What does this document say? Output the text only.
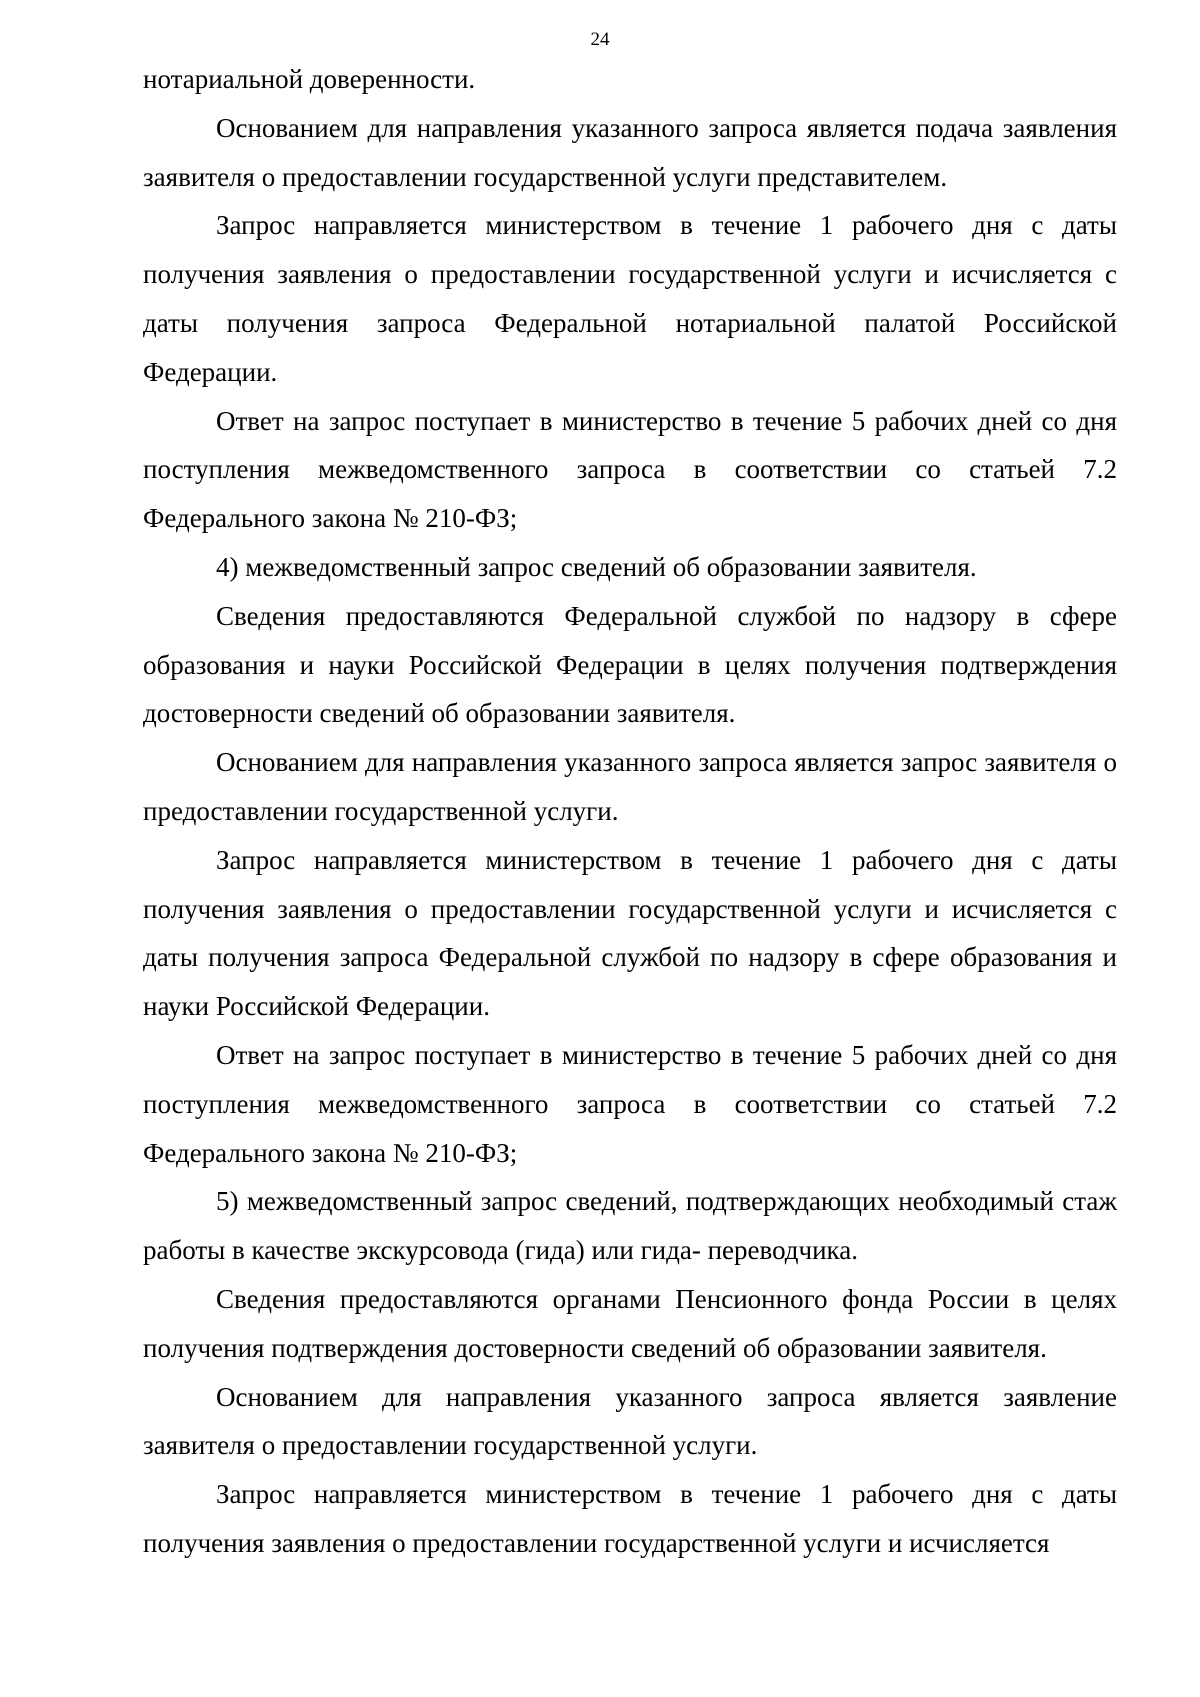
24

нотариальной доверенности.

Основанием для направления указанного запроса является подача заявления заявителя о предоставлении государственной услуги представителем.

Запрос направляется министерством в течение 1 рабочего дня с даты получения заявления о предоставлении государственной услуги и исчисляется с даты получения запроса Федеральной нотариальной палатой Российской Федерации.

Ответ на запрос поступает в министерство в течение 5 рабочих дней со дня поступления межведомственного запроса в соответствии со статьей 7.2 Федерального закона № 210-ФЗ;

4) межведомственный запрос сведений об образовании заявителя.

Сведения предоставляются Федеральной службой по надзору в сфере образования и науки Российской Федерации в целях получения подтверждения достоверности сведений об образовании заявителя.

Основанием для направления указанного запроса является запрос заявителя о предоставлении государственной услуги.

Запрос направляется министерством в течение 1 рабочего дня с даты получения заявления о предоставлении государственной услуги и исчисляется с даты получения запроса Федеральной службой по надзору в сфере образования и науки Российской Федерации.

Ответ на запрос поступает в министерство в течение 5 рабочих дней со дня поступления межведомственного запроса в соответствии со статьей 7.2 Федерального закона № 210-ФЗ;

5) межведомственный запрос сведений, подтверждающих необходимый стаж работы в качестве экскурсовода (гида) или гида- переводчика.

Сведения предоставляются органами Пенсионного фонда России в целях получения подтверждения достоверности сведений об образовании заявителя.

Основанием для направления указанного запроса является заявление заявителя о предоставлении государственной услуги.

Запрос направляется министерством в течение 1 рабочего дня с даты получения заявления о предоставлении государственной услуги и исчисляется
